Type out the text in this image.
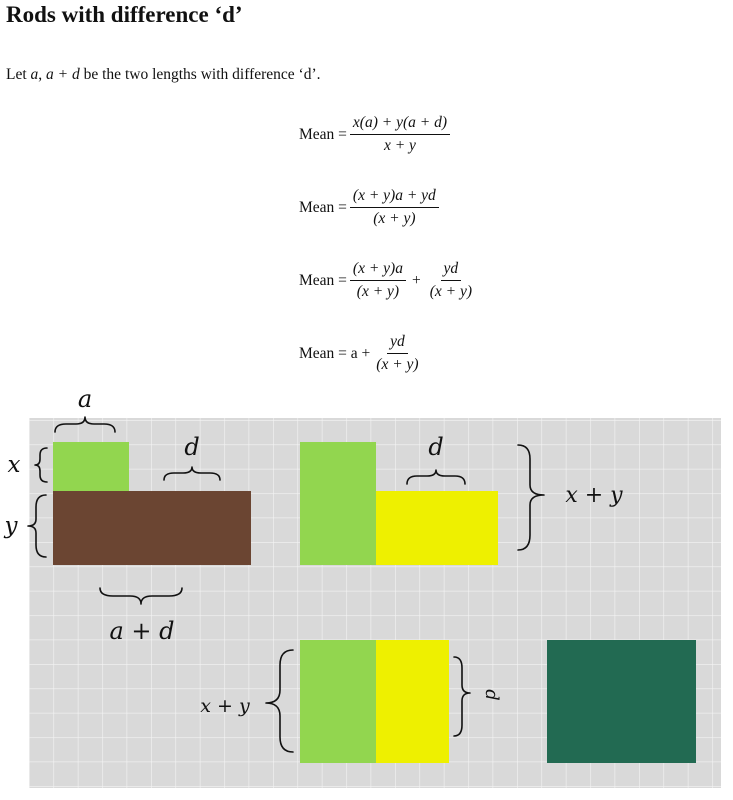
Rods with difference ‘d’
Let a, a + d be the two lengths with difference ‘d’.
Mean = $\frac{x(a) + y(a + d)}{x + y}$
Mean = $\frac{(x + y)a + yd}{(x + y)}$
Mean = $\frac{(x + y)a}{(x + y)} + \frac{yd}{(x + y)}$
Mean = $a + \frac{yd}{(x + y)}$
a
x
y
d
a + d
d
x + y
x + y	d
